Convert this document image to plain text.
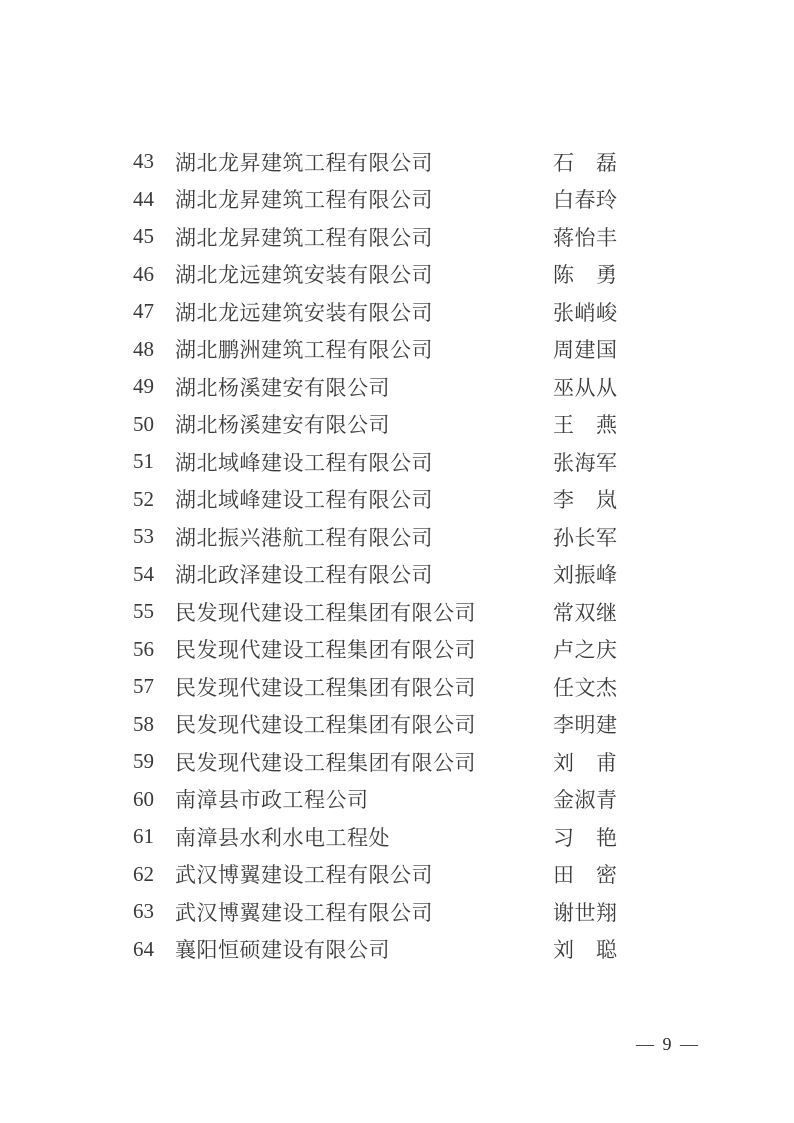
43	湖北龙昇建筑工程有限公司	石 磊
44	湖北龙昇建筑工程有限公司	白春玲
45	湖北龙昇建筑工程有限公司	蒋怡丰
46	湖北龙远建筑安装有限公司	陈 勇
47	湖北龙远建筑安装有限公司	张峭峻
48	湖北鹏洲建筑工程有限公司	周建国
49	湖北杨溪建安有限公司	巫从从
50	湖北杨溪建安有限公司	王 燕
51	湖北域峰建设工程有限公司	张海军
52	湖北域峰建设工程有限公司	李 岚
53	湖北振兴港航工程有限公司	孙长军
54	湖北政泽建设工程有限公司	刘振峰
55	民发现代建设工程集团有限公司	常双继
56	民发现代建设工程集团有限公司	卢之庆
57	民发现代建设工程集团有限公司	任文杰
58	民发现代建设工程集团有限公司	李明建
59	民发现代建设工程集团有限公司	刘 甫
60	南漳县市政工程公司	金淑青
61	南漳县水利水电工程处	习 艳
62	武汉博翼建设工程有限公司	田 密
63	武汉博翼建设工程有限公司	谢世翔
64	襄阳恒硕建设有限公司	刘 聪
— 9 —
